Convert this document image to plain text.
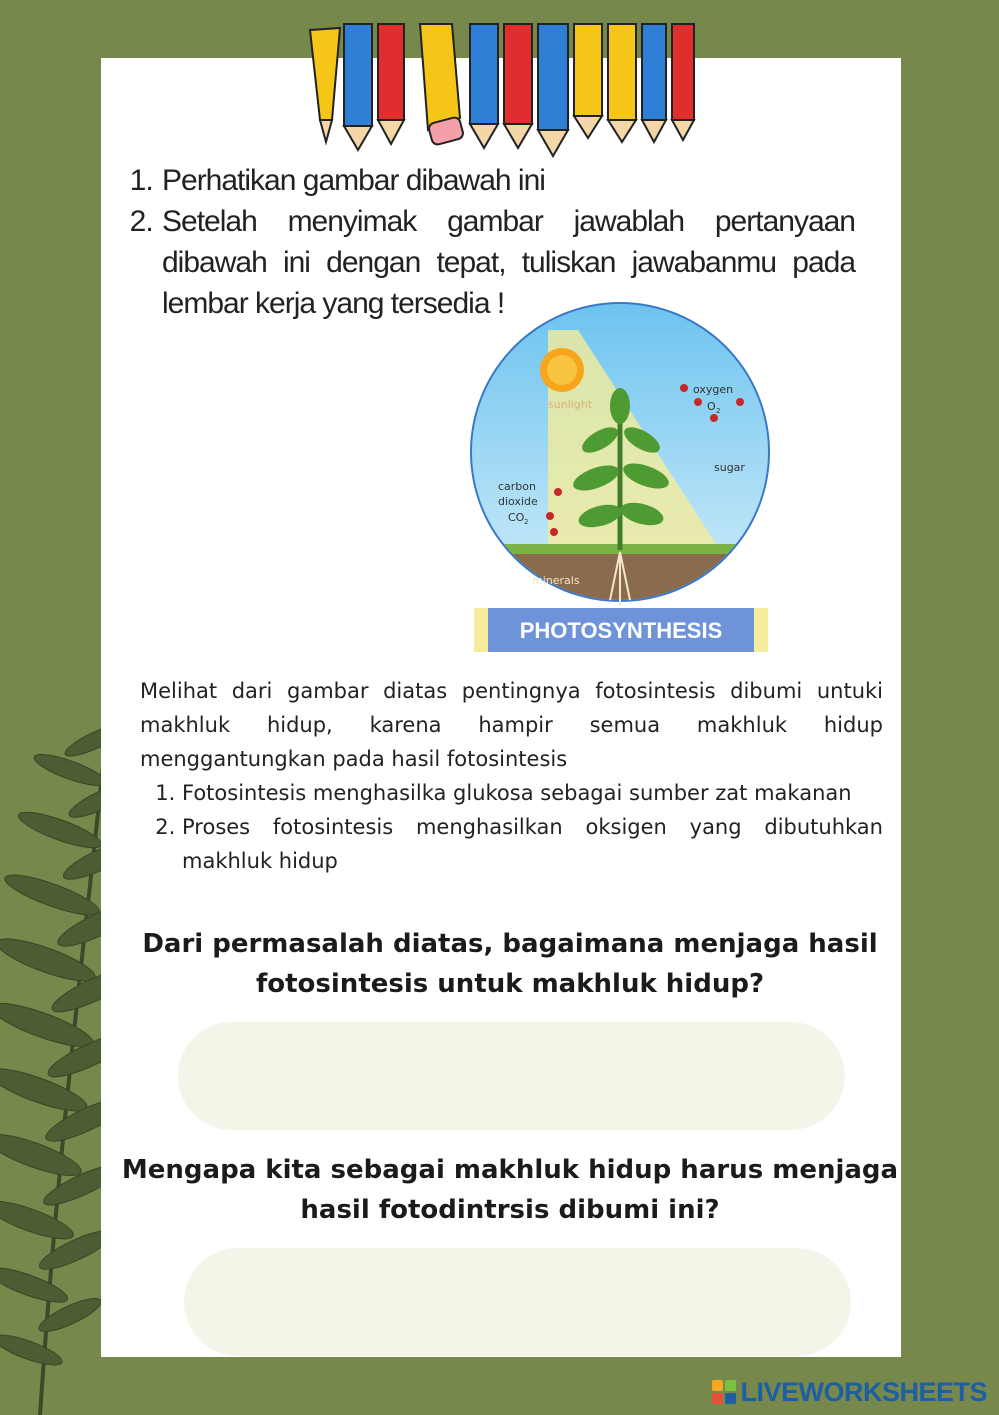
1. Perhatikan gambar dibawah ini
2. Setelah menyimak gambar jawablah pertanyaan dibawah ini dengan tepat, tuliskan jawabanmu pada lembar kerja yang tersedia !
sunlight
oxygen
O 2
sugar
carbon
dioxide
CO 2
minerals
PHOTOSYNTHESIS
Melihat dari gambar diatas pentingnya fotosintesis dibumi untuki makhluk hidup, karena hampir semua makhluk hidup menggantungkan pada hasil fotosintesis
1. Fotosintesis menghasilka glukosa sebagai sumber zat makanan
2. Proses fotosintesis menghasilkan oksigen yang dibutuhkan makhluk hidup
Dari permasalah diatas, bagaimana menjaga hasil fotosintesis untuk makhluk hidup?
Mengapa kita sebagai makhluk hidup harus menjaga hasil fotodintrsis dibumi ini?
LIVEWORKSHEETS
